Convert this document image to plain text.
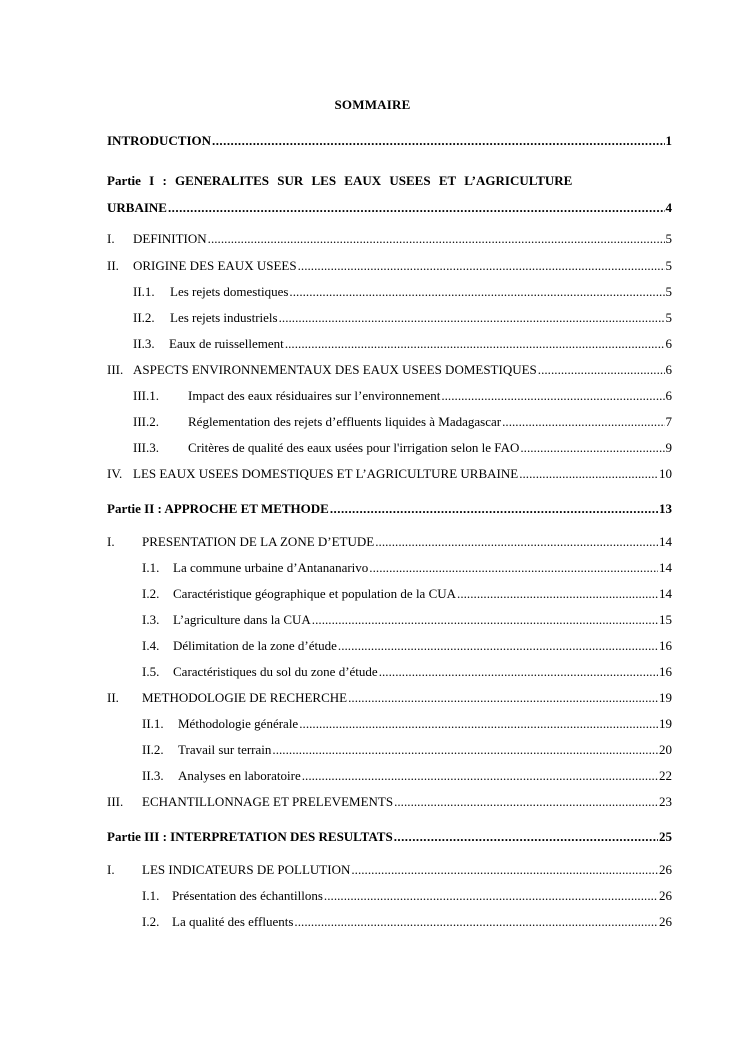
SOMMAIRE
INTRODUCTION . . .	1
Partie I : GENERALITES SUR LES EAUX USEES ET L’AGRICULTURE
URBAINE . . .	4
I.	DEFINITION . . .	5
II.	ORIGINE DES EAUX USEES . . .	5
II.1.	Les rejets domestiques . . .	5
II.2.	Les rejets industriels . . .	5
II.3.	Eaux de ruissellement . . .	6
III. ASPECTS ENVIRONNEMENTAUX DES EAUX USEES DOMESTIQUES . . .	6
III.1.	Impact des eaux résiduaires sur l’environnement . . .	6
III.2.	Réglementation des rejets d’effluents liquides à Madagascar . . .	7
III.3.	Critères de qualité des eaux usées pour l'irrigation selon le FAO . . .	9
IV. LES EAUX USEES DOMESTIQUES ET L’AGRICULTURE URBAINE . . .	10
Partie II : APPROCHE ET METHODE . . .	13
I.	PRESENTATION DE LA ZONE D’ETUDE . . .	14
I.1.	La commune urbaine d’Antananarivo . . .	14
I.2.	Caractéristique géographique et population de la CUA . . .	14
I.3.	L’agriculture dans la CUA . . .	15
I.4.	Délimitation de la zone d’étude . . .	16
I.5.	Caractéristiques du sol du zone d’étude . . .	16
II.	METHODOLOGIE DE RECHERCHE . . .	19
II.1.	Méthodologie générale . . .	19
II.2.	Travail sur terrain . . .	20
II.3.	Analyses en laboratoire . . .	22
III.	ECHANTILLONNAGE ET PRELEVEMENTS . . .	23
Partie III : INTERPRETATION DES RESULTATS . . .	25
I.	LES INDICATEURS DE POLLUTION . . .	26
I.1. Présentation des échantillons . . .	26
I.2. La qualité des effluents . . .	26
